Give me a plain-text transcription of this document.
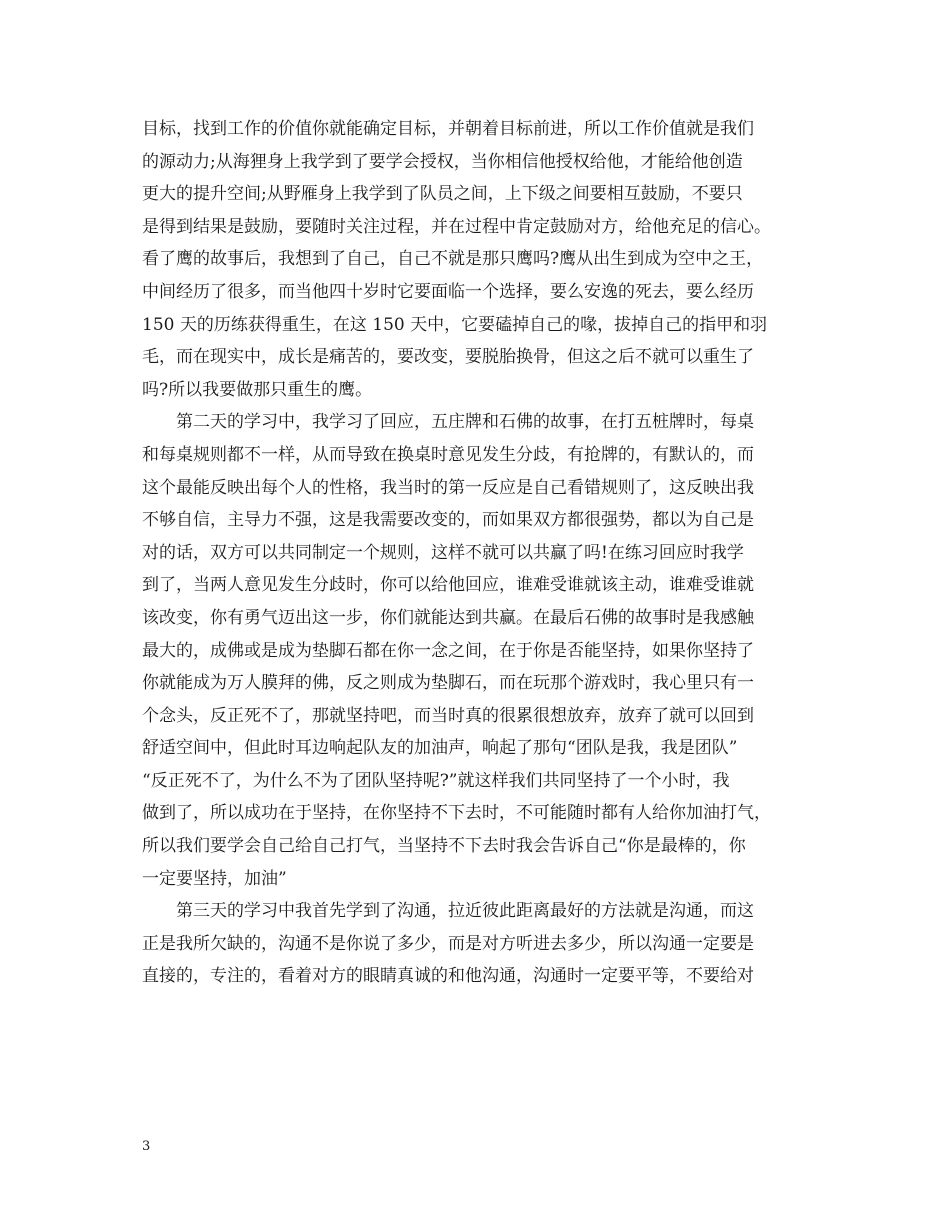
目标，找到工作的价值你就能确定目标，并朝着目标前进，所以工作价值就是我们
的源动力;从海狸身上我学到了要学会授权，当你相信他授权给他，才能给他创造
更大的提升空间;从野雁身上我学到了队员之间，上下级之间要相互鼓励，不要只
是得到结果是鼓励，要随时关注过程，并在过程中肯定鼓励对方，给他充足的信心。
看了鹰的故事后，我想到了自己，自己不就是那只鹰吗?鹰从出生到成为空中之王，
中间经历了很多，而当他四十岁时它要面临一个选择，要么安逸的死去，要么经历
150 天的历练获得重生，在这 150 天中，它要磕掉自己的喙，拔掉自己的指甲和羽
毛，而在现实中，成长是痛苦的，要改变，要脱胎换骨，但这之后不就可以重生了
吗?所以我要做那只重生的鹰。
第二天的学习中，我学习了回应，五庄牌和石佛的故事，在打五桩牌时，每桌
和每桌规则都不一样，从而导致在换桌时意见发生分歧，有抢牌的，有默认的，而
这个最能反映出每个人的性格，我当时的第一反应是自己看错规则了，这反映出我
不够自信，主导力不强，这是我需要改变的，而如果双方都很强势，都以为自己是
对的话，双方可以共同制定一个规则，这样不就可以共赢了吗!在练习回应时我学
到了，当两人意见发生分歧时，你可以给他回应，谁难受谁就该主动，谁难受谁就
该改变，你有勇气迈出这一步，你们就能达到共赢。在最后石佛的故事时是我感触
最大的，成佛或是成为垫脚石都在你一念之间，在于你是否能坚持，如果你坚持了
你就能成为万人膜拜的佛，反之则成为垫脚石，而在玩那个游戏时，我心里只有一
个念头，反正死不了，那就坚持吧，而当时真的很累很想放弃，放弃了就可以回到
舒适空间中，但此时耳边响起队友的加油声，响起了那句“团队是我，我是团队”
“反正死不了，为什么不为了团队坚持呢?”就这样我们共同坚持了一个小时，我
做到了，所以成功在于坚持，在你坚持不下去时，不可能随时都有人给你加油打气，
所以我们要学会自己给自己打气，当坚持不下去时我会告诉自己“你是最棒的，你
一定要坚持，加油”
第三天的学习中我首先学到了沟通，拉近彼此距离最好的方法就是沟通，而这
正是我所欠缺的，沟通不是你说了多少，而是对方听进去多少，所以沟通一定要是
直接的，专注的，看着对方的眼睛真诚的和他沟通，沟通时一定要平等，不要给对
3
